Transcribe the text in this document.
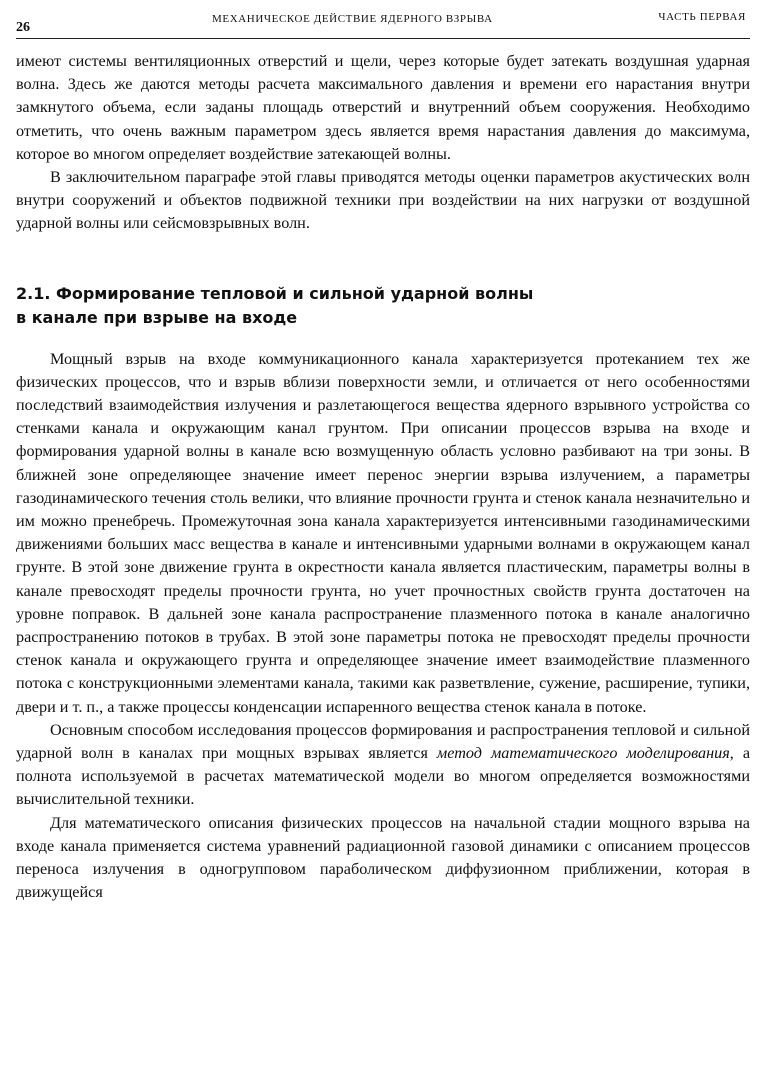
26
МЕХАНИЧЕСКОЕ ДЕЙСТВИЕ ЯДЕРНОГО ВЗРЫВА	ЧАСТЬ ПЕРВАЯ

имеют системы вентиляционных отверстий и щели, через которые будет затекать воздушная ударная волна. Здесь же даются методы расчета максимального давления и времени его нарастания внутри замкнутого объема, если заданы площадь отверстий и внутренний объем сооружения. Необходимо отметить, что очень важным параметром здесь является время нарастания давления до максимума, которое во многом определяет воздействие затекающей волны.

В заключительном параграфе этой главы приводятся методы оценки параметров акустических волн внутри сооружений и объектов подвижной техники при воздействии на них нагрузки от воздушной ударной волны или сейсмовзрывных волн.

2.1. Формирование тепловой и сильной ударной волны
в канале при взрыве на входе

Мощный взрыв на входе коммуникационного канала характеризуется протеканием тех же физических процессов, что и взрыв вблизи поверхности земли, и отличается от него особенностями последствий взаимодействия излучения и разлетающегося вещества ядерного взрывного устройства со стенками канала и окружающим канал грунтом. При описании процессов взрыва на входе и формирования ударной волны в канале всю возмущенную область условно разбивают на три зоны. В ближней зоне определяющее значение имеет перенос энергии взрыва излучением, а параметры газодинамического течения столь велики, что влияние прочности грунта и стенок канала незначительно и им можно пренебречь. Промежуточная зона канала характеризуется интенсивными газодинамическими движениями больших масс вещества в канале и интенсивными ударными волнами в окружающем канал грунте. В этой зоне движение грунта в окрестности канала является пластическим, параметры волны в канале превосходят пределы прочности грунта, но учет прочностных свойств грунта достаточен на уровне поправок. В дальней зоне канала распространение плазменного потока в канале аналогично распространению потоков в трубах. В этой зоне параметры потока не превосходят пределы прочности стенок канала и окружающего грунта и определяющее значение имеет взаимодействие плазменного потока с конструкционными элементами канала, такими как разветвление, сужение, расширение, тупики, двери и т. п., а также процессы конденсации испаренного вещества стенок канала в потоке.

Основным способом исследования процессов формирования и распространения тепловой и сильной ударной волн в каналах при мощных взрывах является метод математического моделирования, а полнота используемой в расчетах математической модели во многом определяется возможностями вычислительной техники.

Для математического описания физических процессов на начальной стадии мощного взрыва на входе канала применяется система уравнений радиационной газовой динамики с описанием процессов переноса излучения в одногрупповом параболическом диффузионном приближении, которая в движущейся
